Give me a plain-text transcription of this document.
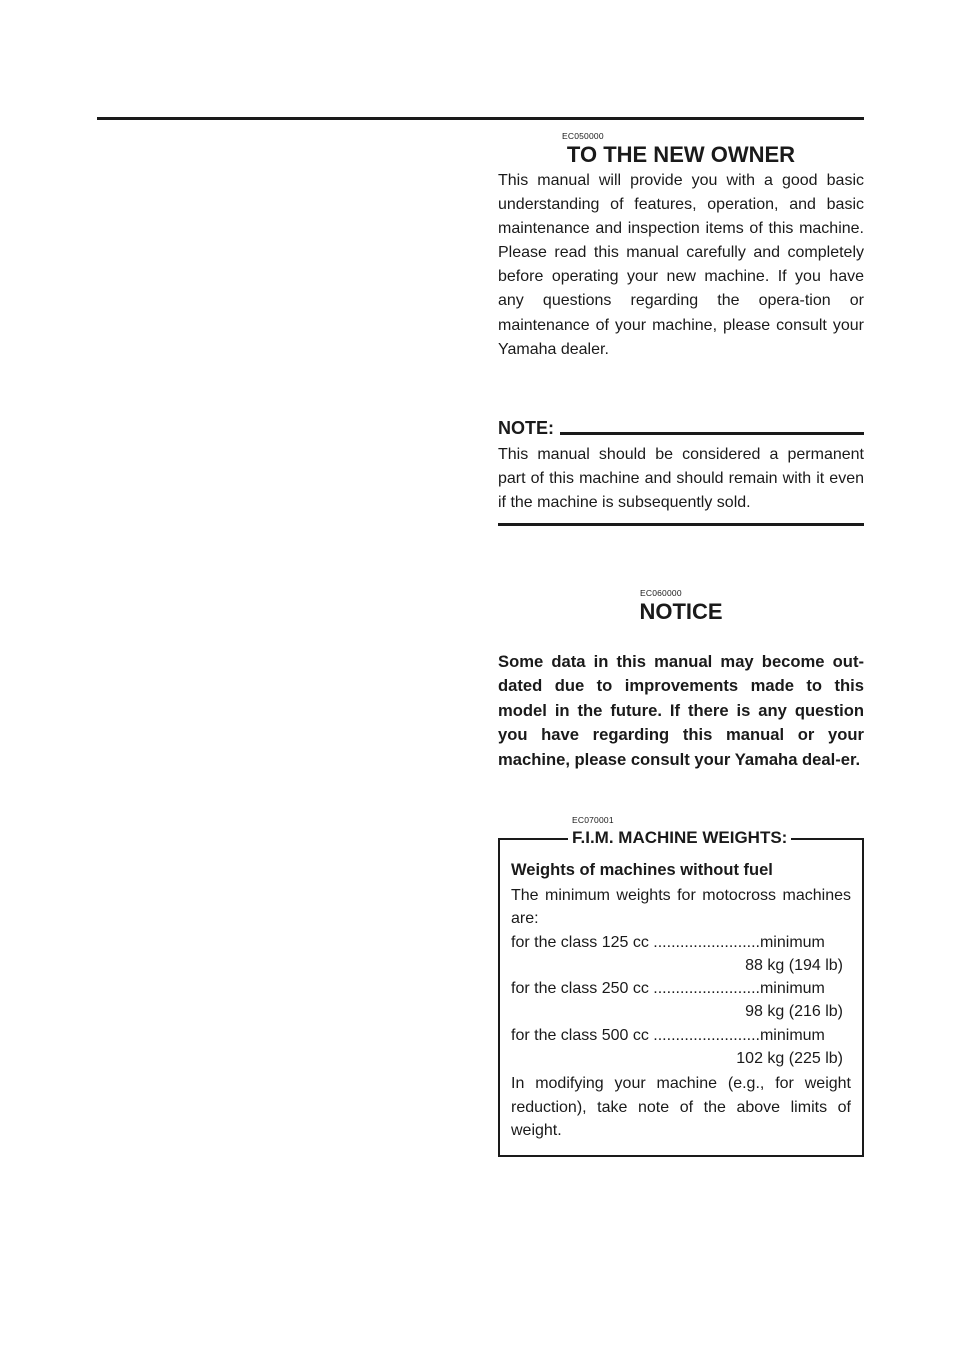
EC050000
TO THE NEW OWNER
This manual will provide you with a good basic understanding of features, operation, and basic maintenance and inspection items of this machine. Please read this manual carefully and completely before operating your new machine. If you have any questions regarding the opera-tion or maintenance of your machine, please consult your Yamaha dealer.
NOTE:
This manual should be considered a permanent part of this machine and should remain with it even if the machine is subsequently sold.
EC060000
NOTICE
Some data in this manual may become out-dated due to improvements made to this model in the future. If there is any question you have regarding this manual or your machine, please consult your Yamaha deal-er.
EC070001
F.I.M. MACHINE WEIGHTS:
Weights of machines without fuel
The minimum weights for motocross machines are:
for the class 125 cc ........................minimum
88 kg (194 lb)
for the class 250 cc ........................minimum
98 kg (216 lb)
for the class 500 cc ........................minimum
102 kg (225 lb)
In modifying your machine (e.g., for weight reduction), take note of the above limits of weight.
